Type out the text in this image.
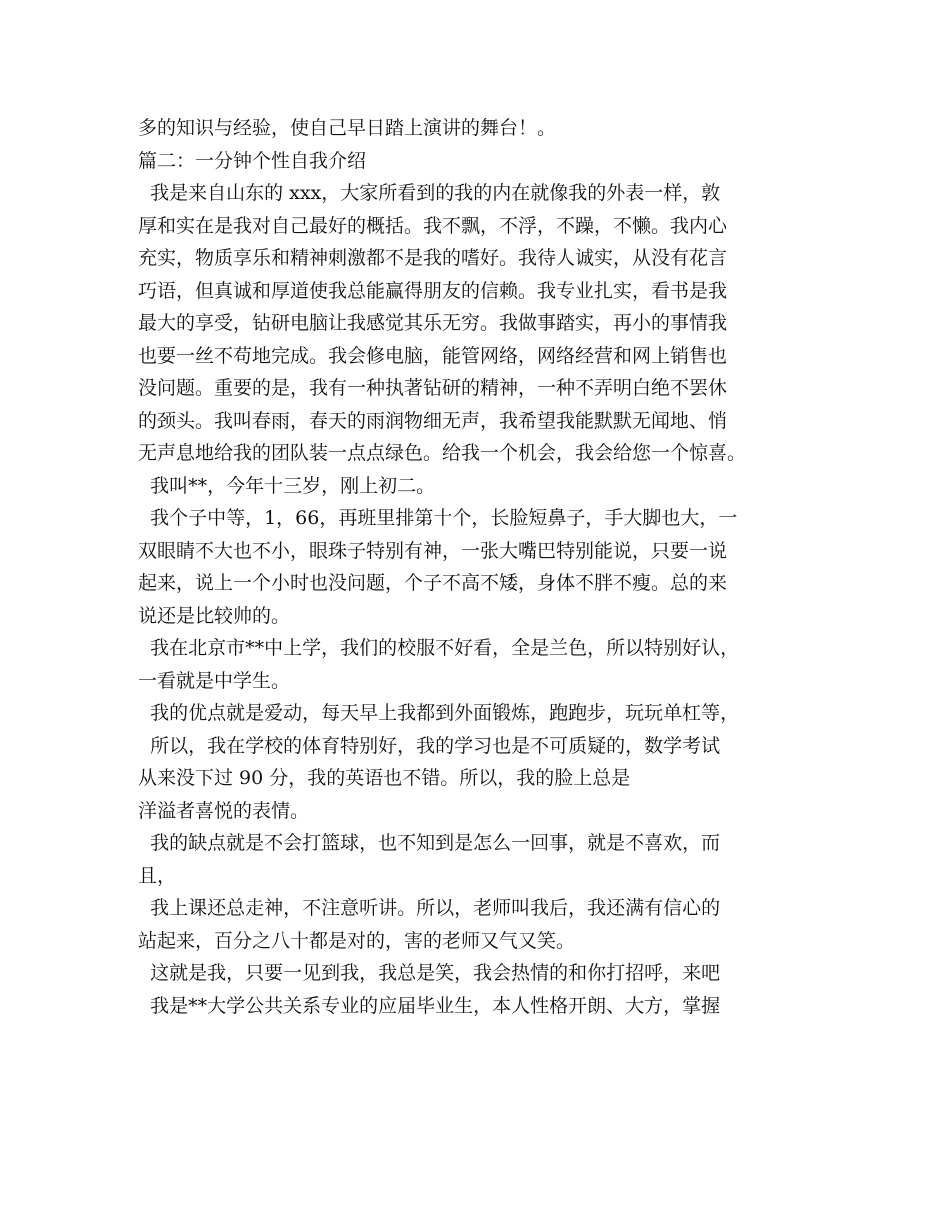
多的知识与经验，使自己早日踏上演讲的舞台！。
篇二：一分钟个性自我介绍
我是来自山东的 xxx，大家所看到的我的内在就像我的外表一样，敦
厚和实在是我对自己最好的概括。我不飘，不浮，不躁，不懒。我内心
充实，物质享乐和精神刺激都不是我的嗜好。我待人诚实，从没有花言
巧语，但真诚和厚道使我总能赢得朋友的信赖。我专业扎实，看书是我
最大的享受，钻研电脑让我感觉其乐无穷。我做事踏实，再小的事情我
也要一丝不苟地完成。我会修电脑，能管网络，网络经营和网上销售也
没问题。重要的是，我有一种执著钻研的精神，一种不弄明白绝不罢休
的颈头。我叫春雨，春天的雨润物细无声，我希望我能默默无闻地、悄
无声息地给我的团队装一点点绿色。给我一个机会，我会给您一个惊喜。
我叫**，今年十三岁，刚上初二。
我个子中等，1，66，再班里排第十个，长脸短鼻子，手大脚也大，一
双眼睛不大也不小，眼珠子特别有神，一张大嘴巴特别能说，只要一说
起来，说上一个小时也没问题，个子不高不矮，身体不胖不瘦。总的来
说还是比较帅的。
我在北京市**中上学，我们的校服不好看，全是兰色，所以特别好认，
一看就是中学生。
我的优点就是爱动，每天早上我都到外面锻炼，跑跑步，玩玩单杠等，
所以，我在学校的体育特别好，我的学习也是不可质疑的，数学考试
从来没下过 90 分，我的英语也不错。所以，我的脸上总是
洋溢者喜悦的表情。
我的缺点就是不会打篮球，也不知到是怎么一回事，就是不喜欢，而
且，
我上课还总走神，不注意听讲。所以，老师叫我后，我还满有信心的
站起来，百分之八十都是对的，害的老师又气又笑。
这就是我，只要一见到我，我总是笑，我会热情的和你打招呼，来吧
我是**大学公共关系专业的应届毕业生，本人性格开朗、大方，掌握
